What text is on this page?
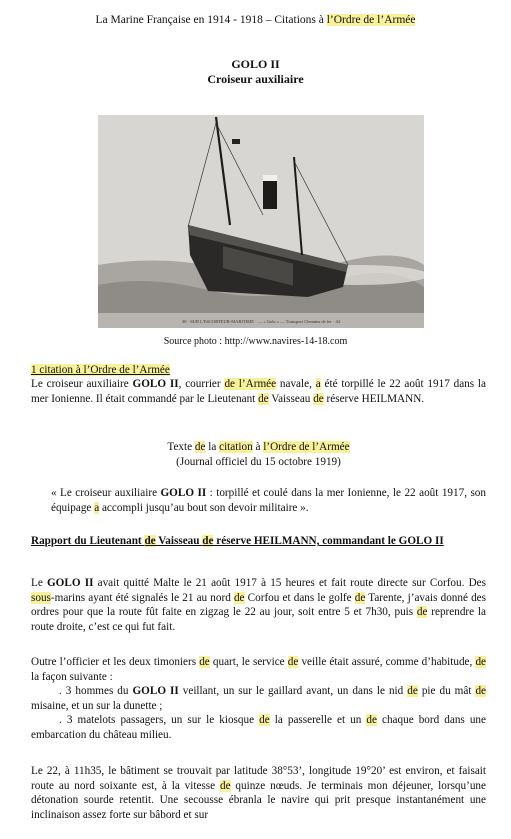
La Marine Française en 1914 - 1918 – Citations à l’Ordre de l’Armée
GOLO II
Croiseur auxiliaire
30 · SUR L'ESCORTEUR-MARITIME · — « Golo » — Transport Chemins de fer · 44
Source photo : http://www.navires-14-18.com
1 citation à l’Ordre de l’Armée
Le croiseur auxiliaire GOLO II, courrier de l’Armée navale, a été torpillé le 22 août 1917 dans la mer Ionienne. Il était commandé par le Lieutenant de Vaisseau de réserve HEILMANN.
Texte de la citation à l’Ordre de l’Armée
(Journal officiel du 15 octobre 1919)
« Le croiseur auxiliaire GOLO II : torpillé et coulé dans la mer Ionienne, le 22 août 1917, son équipage a accompli jusqu’au bout son devoir militaire ».
Rapport du Lieutenant de Vaisseau de réserve HEILMANN, commandant le GOLO II
Le GOLO II avait quitté Malte le 21 août 1917 à 15 heures et fait route directe sur Corfou. Des sous-marins ayant été signalés le 21 au nord de Corfou et dans le golfe de Tarente, j’avais donné des ordres pour que la route fût faite en zigzag le 22 au jour, soit entre 5 et 7h30, puis de reprendre la route droite, c’est ce qui fut fait.
Outre l’officier et les deux timoniers de quart, le service de veille était assuré, comme d’habitude, de la façon suivante :
. 3 hommes du GOLO II veillant, un sur le gaillard avant, un dans le nid de pie du mât de misaine, et un sur la dunette ;
. 3 matelots passagers, un sur le kiosque de la passerelle et un de chaque bord dans une embarcation du château milieu.
Le 22, à 11h35, le bâtiment se trouvait par latitude 38°53’, longitude 19°20’ est environ, et faisait route au nord soixante est, à la vitesse de quinze nœuds. Je terminais mon déjeuner, lorsqu’une détonation sourde retentit. Une secousse ébranla le navire qui prit presque instantanément une inclinaison assez forte sur bâbord et sur
